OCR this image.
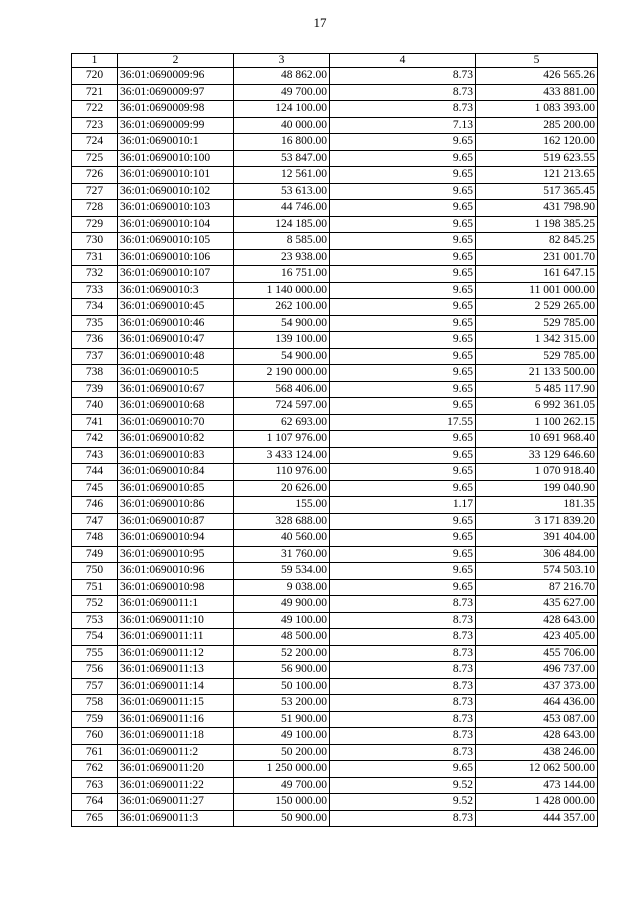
17
1	2	3	4	5
720	36:01:0690009:96	48 862.00	8.73	426 565.26
721	36:01:0690009:97	49 700.00	8.73	433 881.00
722	36:01:0690009:98	124 100.00	8.73	1 083 393.00
723	36:01:0690009:99	40 000.00	7.13	285 200.00
724	36:01:0690010:1	16 800.00	9.65	162 120.00
725	36:01:0690010:100	53 847.00	9.65	519 623.55
726	36:01:0690010:101	12 561.00	9.65	121 213.65
727	36:01:0690010:102	53 613.00	9.65	517 365.45
728	36:01:0690010:103	44 746.00	9.65	431 798.90
729	36:01:0690010:104	124 185.00	9.65	1 198 385.25
730	36:01:0690010:105	8 585.00	9.65	82 845.25
731	36:01:0690010:106	23 938.00	9.65	231 001.70
732	36:01:0690010:107	16 751.00	9.65	161 647.15
733	36:01:0690010:3	1 140 000.00	9.65	11 001 000.00
734	36:01:0690010:45	262 100.00	9.65	2 529 265.00
735	36:01:0690010:46	54 900.00	9.65	529 785.00
736	36:01:0690010:47	139 100.00	9.65	1 342 315.00
737	36:01:0690010:48	54 900.00	9.65	529 785.00
738	36:01:0690010:5	2 190 000.00	9.65	21 133 500.00
739	36:01:0690010:67	568 406.00	9.65	5 485 117.90
740	36:01:0690010:68	724 597.00	9.65	6 992 361.05
741	36:01:0690010:70	62 693.00	17.55	1 100 262.15
742	36:01:0690010:82	1 107 976.00	9.65	10 691 968.40
743	36:01:0690010:83	3 433 124.00	9.65	33 129 646.60
744	36:01:0690010:84	110 976.00	9.65	1 070 918.40
745	36:01:0690010:85	20 626.00	9.65	199 040.90
746	36:01:0690010:86	155.00	1.17	181.35
747	36:01:0690010:87	328 688.00	9.65	3 171 839.20
748	36:01:0690010:94	40 560.00	9.65	391 404.00
749	36:01:0690010:95	31 760.00	9.65	306 484.00
750	36:01:0690010:96	59 534.00	9.65	574 503.10
751	36:01:0690010:98	9 038.00	9.65	87 216.70
752	36:01:0690011:1	49 900.00	8.73	435 627.00
753	36:01:0690011:10	49 100.00	8.73	428 643.00
754	36:01:0690011:11	48 500.00	8.73	423 405.00
755	36:01:0690011:12	52 200.00	8.73	455 706.00
756	36:01:0690011:13	56 900.00	8.73	496 737.00
757	36:01:0690011:14	50 100.00	8.73	437 373.00
758	36:01:0690011:15	53 200.00	8.73	464 436.00
759	36:01:0690011:16	51 900.00	8.73	453 087.00
760	36:01:0690011:18	49 100.00	8.73	428 643.00
761	36:01:0690011:2	50 200.00	8.73	438 246.00
762	36:01:0690011:20	1 250 000.00	9.65	12 062 500.00
763	36:01:0690011:22	49 700.00	9.52	473 144.00
764	36:01:0690011:27	150 000.00	9.52	1 428 000.00
765	36:01:0690011:3	50 900.00	8.73	444 357.00
